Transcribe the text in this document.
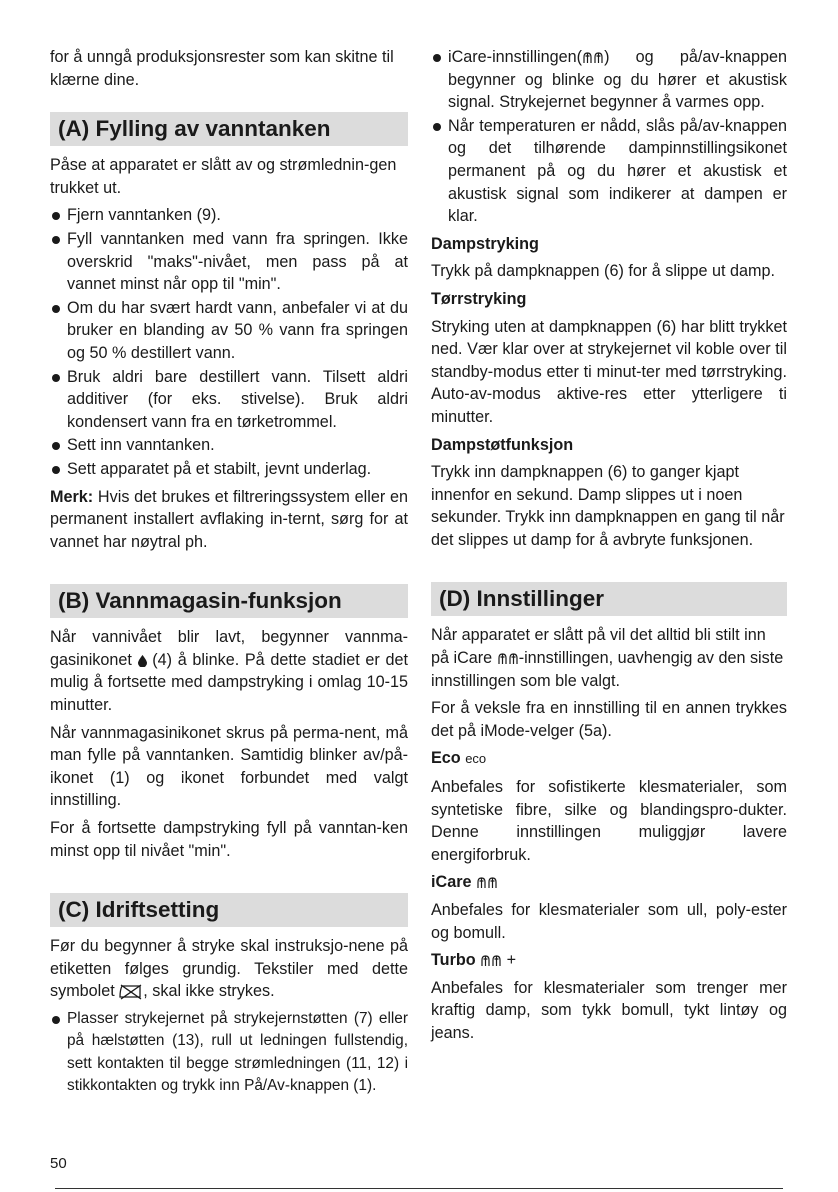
for å unngå produksjonsrester som kan skitne til klærne dine.

(A) Fylling av vanntanken

Påse at apparatet er slått av og strømlednin-gen trukket ut.

Fjern vanntanken (9).
Fyll vanntanken med vann fra springen. Ikke overskrid "maks"-nivået, men pass på at vannet minst når opp til "min".
Om du har svært hardt vann, anbefaler vi at du bruker en blanding av 50 % vann fra springen og 50 % destillert vann.
Bruk aldri bare destillert vann. Tilsett aldri additiver (for eks. stivelse). Bruk aldri kondensert vann fra en tørketrommel.
Sett inn vanntanken.
Sett apparatet på et stabilt, jevnt underlag.

Merk: Hvis det brukes et filtreringssystem eller en permanent installert avflaking in-ternt, sørg for at vannet har nøytral ph.

(B) Vannmagasin-funksjon

Når vannivået blir lavt, begynner vannma-gasinikonet  (4) å blinke. På dette stadiet er det mulig å fortsette med dampstryking i omlag 10-15 minutter.

Når vannmagasinikonet skrus på perma-nent, må man fylle på vanntanken. Samtidig blinker av/på-ikonet (1) og ikonet forbundet med valgt innstilling.

For å fortsette dampstryking fyll på vanntan-ken minst opp til nivået "min".

(C) Idriftsetting

Før du begynner å stryke skal instruksjo-nene på etiketten følges grundig. Tekstiler med dette symbolet , skal ikke strykes.

Plasser strykejernet på strykejernstøtten (7) eller på hælstøtten (13), rull ut ledningen fullstendig, sett kontakten til begge strømledningen (11, 12) i stikkontakten og trykk inn På/Av-knappen (1).
iCare-innstillingen( ) og på/av-knappen begynner og blinke og du hører et akustisk signal. Strykejernet begynner å varmes opp.
Når temperaturen er nådd, slås på/av-knappen og det tilhørende dampinnstillingsikonet permanent på og du hører et akustisk et akustisk signal som indikerer at dampen er klar.
Dampstryking

Trykk på dampknappen (6) for å slippe ut damp.

Tørrstryking

Stryking uten at dampknappen (6) har blitt trykket ned. Vær klar over at strykejernet vil koble over til standby-modus etter ti minut-ter med tørrstryking. Auto-av-modus aktive-res etter ytterligere ti minutter.

Dampstøtfunksjon

Trykk inn dampknappen (6) to ganger kjapt innenfor en sekund. Damp slippes ut i noen sekunder. Trykk inn dampknappen en gang til når det slippes ut damp for å avbryte funksjonen.

(D) Innstillinger

Når apparatet er slått på vil det alltid bli stilt inn på iCare -innstillingen, uavhengig av den siste innstillingen som ble valgt.

For å veksle fra en innstilling til en annen trykkes det på iMode-velger (5a).

Eco eco

Anbefales for sofistikerte klesmaterialer, som syntetiske fibre, silke og blandingspro-dukter. Denne innstillingen muliggjør lavere energiforbruk.

iCare

Anbefales for klesmaterialer som ull, poly-ester og bomull.

Turbo +

Anbefales for klesmaterialer som trenger mer kraftig damp, som tykk bomull, tykt lintøy og jeans.

50
